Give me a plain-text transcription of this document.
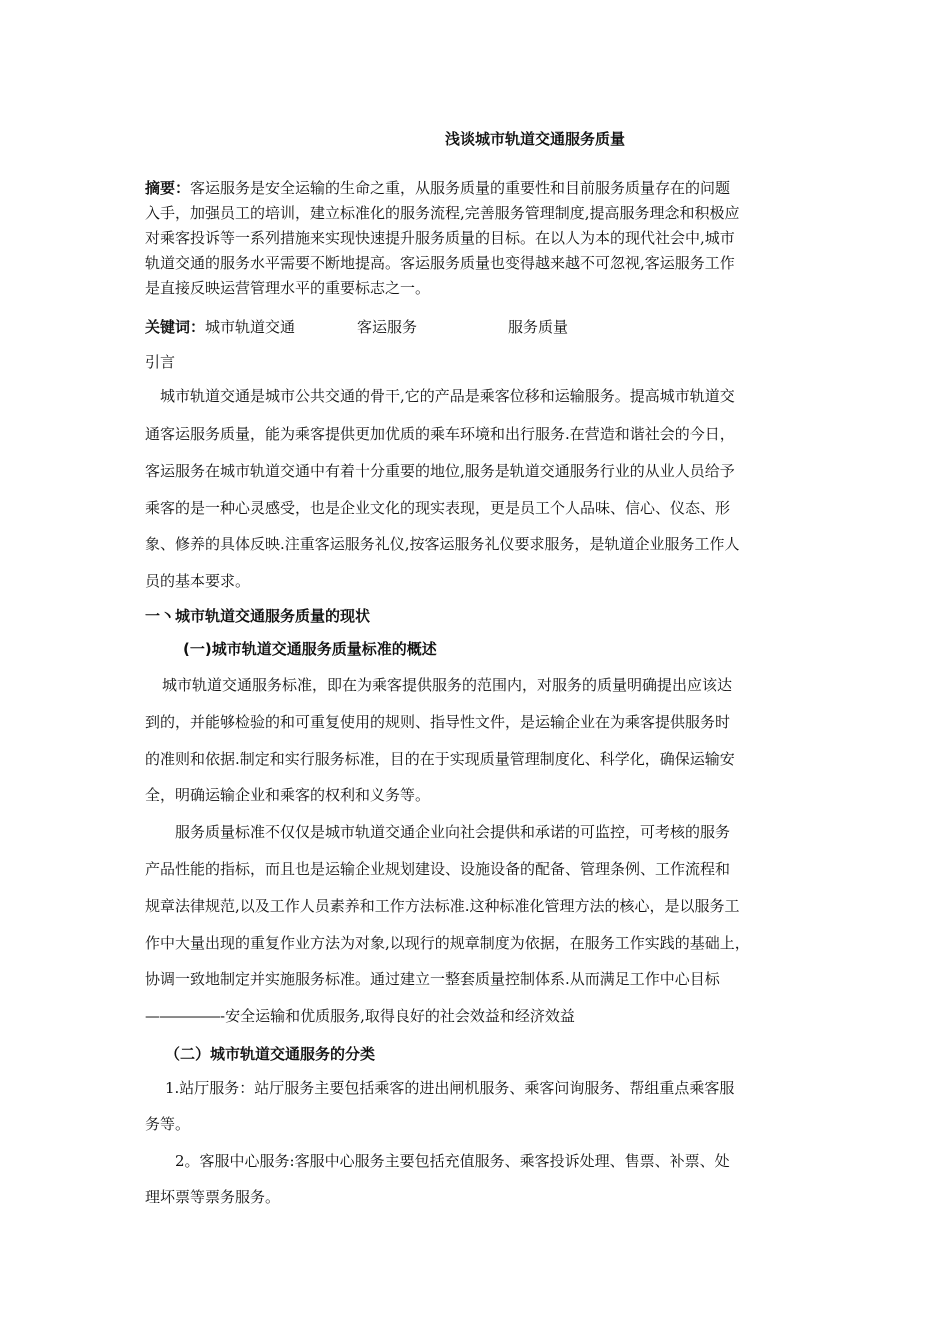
浅谈城市轨道交通服务质量
摘要：客运服务是安全运输的生命之重，从服务质量的重要性和目前服务质量存在的问题
入手，加强员工的培训，建立标准化的服务流程,完善服务管理制度,提高服务理念和积极应
对乘客投诉等一系列措施来实现快速提升服务质量的目标。在以人为本的现代社会中,城市
轨道交通的服务水平需要不断地提高。客运服务质量也变得越来越不可忽视,客运服务工作
是直接反映运营管理水平的重要标志之一。
关键词：城市轨道交通	客运服务	服务质量
引言
城市轨道交通是城市公共交通的骨干,它的产品是乘客位移和运输服务。提高城市轨道交
通客运服务质量，能为乘客提供更加优质的乘车环境和出行服务.在营造和谐社会的今日，
客运服务在城市轨道交通中有着十分重要的地位,服务是轨道交通服务行业的从业人员给予
乘客的是一种心灵感受，也是企业文化的现实表现，更是员工个人品味、信心、仪态、形
象、修养的具体反映.注重客运服务礼仪,按客运服务礼仪要求服务，是轨道企业服务工作人
员的基本要求。
一丶城市轨道交通服务质量的现状
(一)城市轨道交通服务质量标准的概述
城市轨道交通服务标准，即在为乘客提供服务的范围内，对服务的质量明确提出应该达
到的，并能够检验的和可重复使用的规则、指导性文件，是运输企业在为乘客提供服务时
的准则和依据.制定和实行服务标准，目的在于实现质量管理制度化、科学化，确保运输安
全，明确运输企业和乘客的权利和义务等。
服务质量标准不仅仅是城市轨道交通企业向社会提供和承诺的可监控，可考核的服务
产品性能的指标，而且也是运输企业规划建设、设施设备的配备、管理条例、工作流程和
规章法律规范,以及工作人员素养和工作方法标准.这种标准化管理方法的核心，是以服务工
作中大量出现的重复作业方法为对象,以现行的规章制度为依据，在服务工作实践的基础上，
协调一致地制定并实施服务标准。通过建立一整套质量控制体系.从而满足工作中心目标
—――――-安全运输和优质服务,取得良好的社会效益和经济效益
（二）城市轨道交通服务的分类
1.站厅服务：站厅服务主要包括乘客的进出闸机服务、乘客问询服务、帮组重点乘客服
务等。
2。客服中心服务:客服中心服务主要包括充值服务、乘客投诉处理、售票、补票、处
理坏票等票务服务。
